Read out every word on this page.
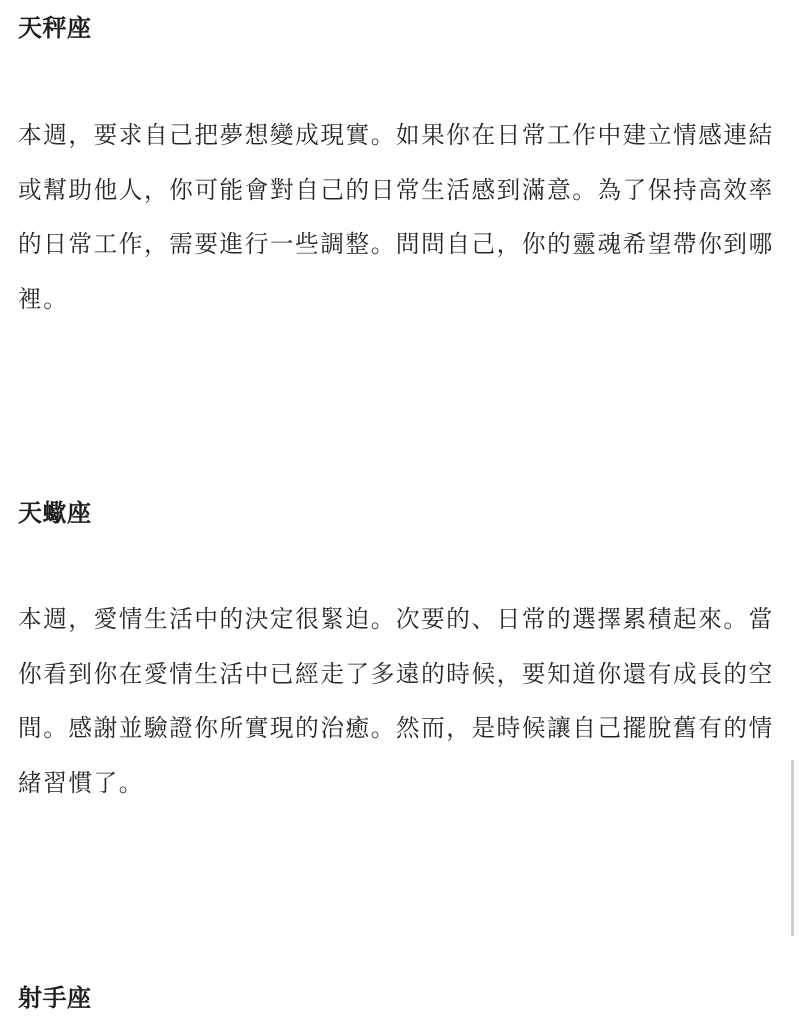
天秤座

本週，要求自己把夢想變成現實。如果你在日常工作中建立情感連結或幫助他人，你可能會對自己的日常生活感到滿意。為了保持高效率的日常工作，需要進行一些調整。問問自己，你的靈魂希望帶你到哪裡。

天蠍座

本週，愛情生活中的決定很緊迫。次要的、日常的選擇累積起來。當你看到你在愛情生活中已經走了多遠的時候，要知道你還有成長的空間。感謝並驗證你所實現的治癒。然而，是時候讓自己擺脫舊有的情緒習慣了。

射手座
